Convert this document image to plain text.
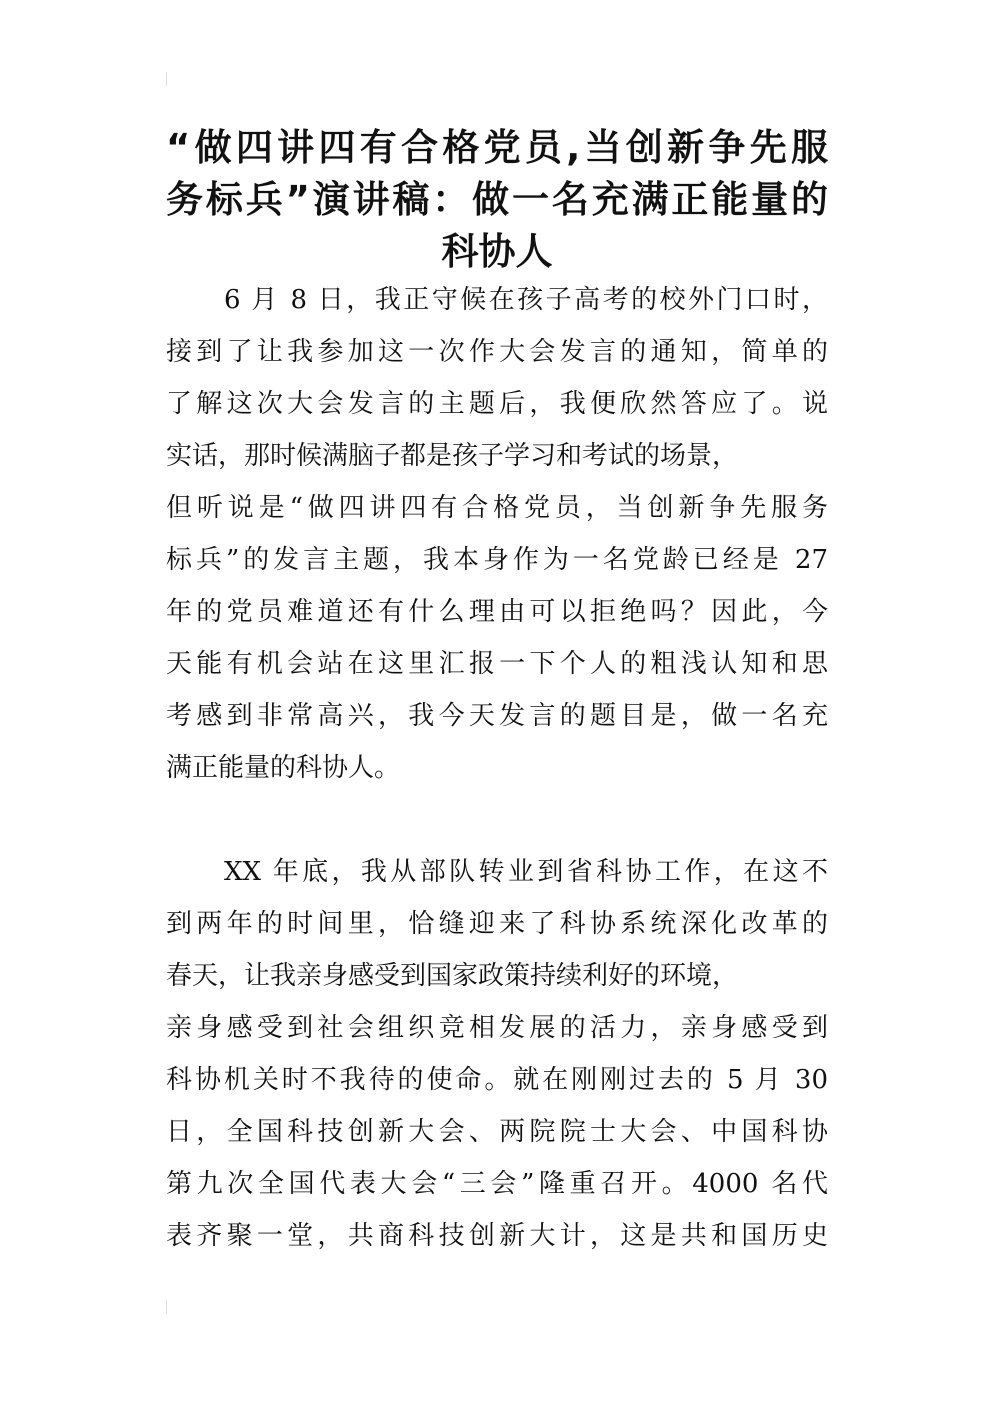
“做四讲四有合格党员,当创新争先服
务标兵”演讲稿：做一名充满正能量的
科协人
6 月 8 日，我正守候在孩子高考的校外门口时，
接到了让我参加这一次作大会发言的通知，简单的
了解这次大会发言的主题后，我便欣然答应了。说
实话，那时候满脑子都是孩子学习和考试的场景，
但听说是“做四讲四有合格党员，当创新争先服务
标兵”的发言主题，我本身作为一名党龄已经是 27
年的党员难道还有什么理由可以拒绝吗？因此，今
天能有机会站在这里汇报一下个人的粗浅认知和思
考感到非常高兴，我今天发言的题目是，做一名充
满正能量的科协人。
XX 年底，我从部队转业到省科协工作，在这不
到两年的时间里，恰缝迎来了科协系统深化改革的
春天，让我亲身感受到国家政策持续利好的环境，
亲身感受到社会组织竞相发展的活力，亲身感受到
科协机关时不我待的使命。就在刚刚过去的 5 月 30
日，全国科技创新大会、两院院士大会、中国科协
第九次全国代表大会“三会”隆重召开。4000 名代
表齐聚一堂，共商科技创新大计，这是共和国历史
